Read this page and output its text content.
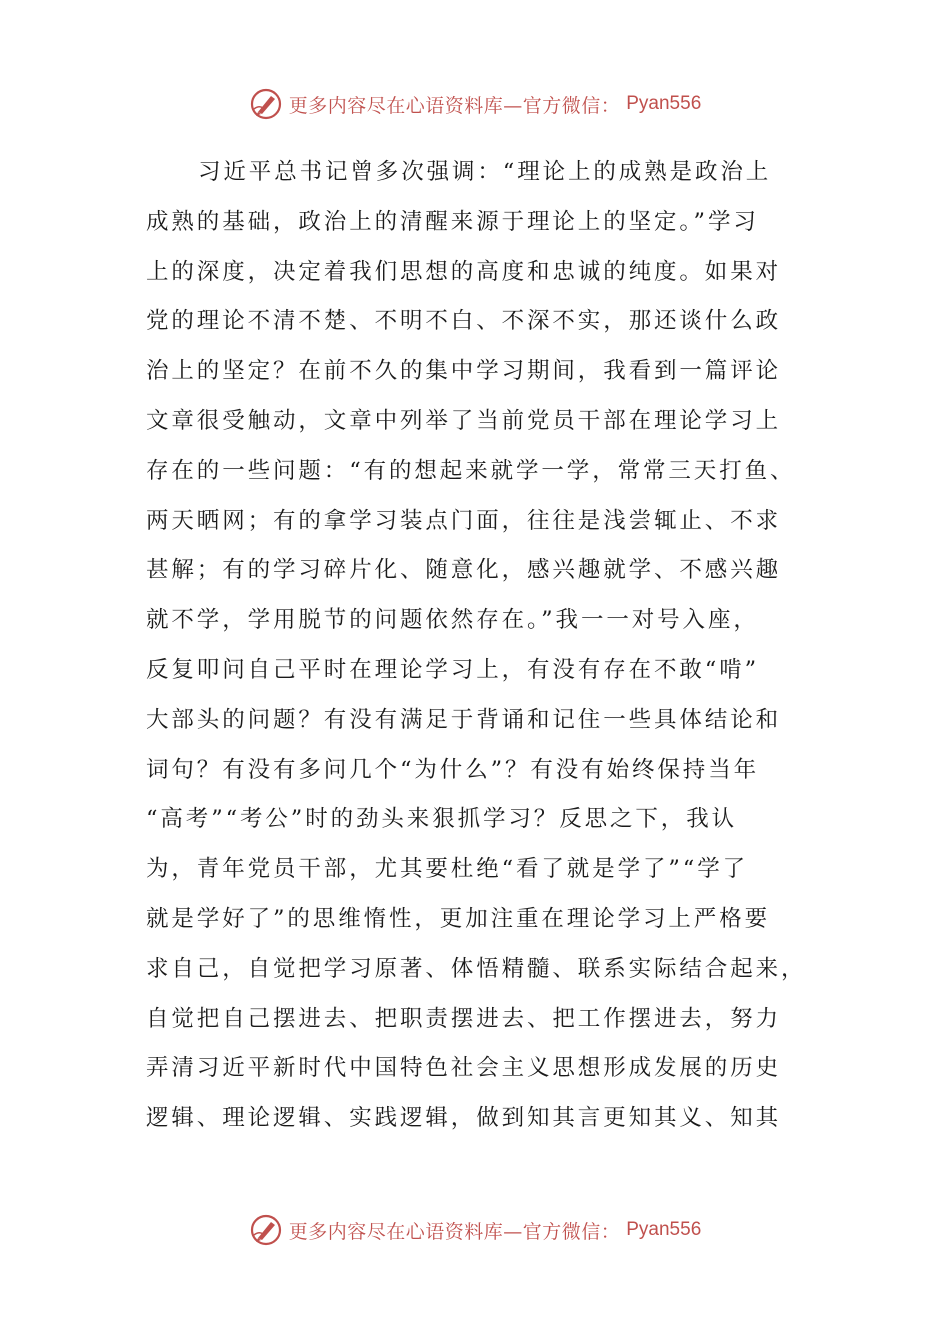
更多内容尽在心语资料库—官方微信： Pyan556
习近平总书记曾多次强调：“理论上的成熟是政治上
成熟的基础，政治上的清醒来源于理论上的坚定。”学习
上的深度，决定着我们思想的高度和忠诚的纯度。如果对
党的理论不清不楚、不明不白、不深不实，那还谈什么政
治上的坚定？在前不久的集中学习期间，我看到一篇评论
文章很受触动，文章中列举了当前党员干部在理论学习上
存在的一些问题：“有的想起来就学一学，常常三天打鱼、
两天晒网；有的拿学习装点门面，往往是浅尝辄止、不求
甚解；有的学习碎片化、随意化，感兴趣就学、不感兴趣
就不学，学用脱节的问题依然存在。”我一一对号入座，
反复叩问自己平时在理论学习上，有没有存在不敢“啃”
大部头的问题？有没有满足于背诵和记住一些具体结论和
词句？有没有多问几个“为什么”？有没有始终保持当年
“高考”“考公”时的劲头来狠抓学习？反思之下，我认
为，青年党员干部，尤其要杜绝“看了就是学了”“学了
就是学好了”的思维惰性，更加注重在理论学习上严格要
求自己，自觉把学习原著、体悟精髓、联系实际结合起来，
自觉把自己摆进去、把职责摆进去、把工作摆进去，努力
弄清习近平新时代中国特色社会主义思想形成发展的历史
逻辑、理论逻辑、实践逻辑，做到知其言更知其义、知其
更多内容尽在心语资料库—官方微信： Pyan556
